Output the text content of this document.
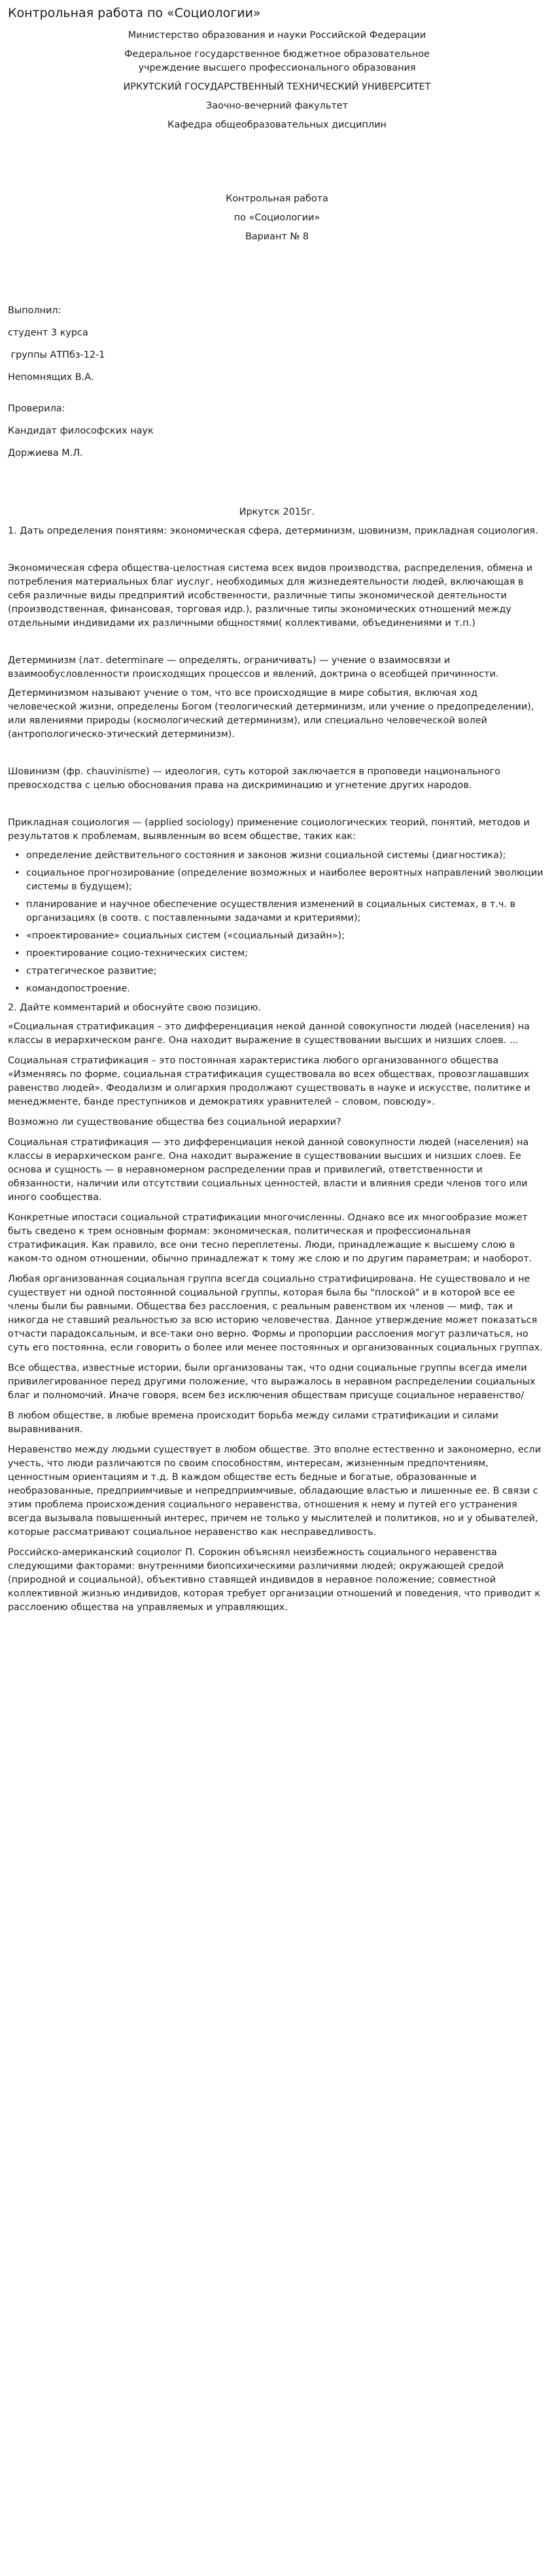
Контрольная работа по «Социологии»

Министерство образования и науки Российской Федерации

Федеральное государственное бюджетное образовательное учреждение высшего профессионального образования

ИРКУТСКИЙ ГОСУДАРСТВЕННЫЙ ТЕХНИЧЕСКИЙ УНИВЕРСИТЕТ

Заочно-вечерний факультет

Кафедра общеобразовательных дисциплин

Контрольная работа

по «Социологии»

Вариант № 8

Выполнил:

студент 3 курса

группы АТПбз-12-1

Непомнящих В.А.

Проверила:

Кандидат философских наук

Доржиева М.Л.

Иркутск 2015г.

1. Дать определения понятиям: экономическая сфера, детерминизм, шовинизм, прикладная социология.

Экономическая сфера общества-целостная система всех видов производства, распределения, обмена и потребления материальных благ иуслуг, необходимых для жизнедеятельности людей, включающая в себя различные виды предприятий исобственности, различные типы экономической деятельности (производственная, финансовая, торговая идр.), различные типы экономических отношений между отдельными индивидами их различными общностями( коллективами, объединениями и т.п.)

Детерминизм (лат. determinare — определять, ограничивать) — учение о взаимосвязи и взаимообусловленности происходящих процессов и явлений, доктрина о всеобщей причинности.

Детерминизмом называют учение о том, что все происходящие в мире события, включая ход человеческой жизни, определены Богом (теологический детерминизм, или учение о предопределении), или явлениями природы (космологический детерминизм), или специально человеческой волей (антропологическо-этический детерминизм).

Шовинизм (фр. chauvinisme) — идеология, суть которой заключается в проповеди национального превосходства с целью обоснования права на дискриминацию и угнетение других народов.

Прикладная социология — (applied sociology) применение социологических теорий, понятий, методов и результатов к проблемам, выявленным во всем обществе, таких как:

• определение действительного состояния и законов жизни социальной системы (диагностика);
• социальное прогнозирование (определение возможных и наиболее вероятных направлений эволюции системы в будущем);
• планирование и научное обеспечение осуществления изменений в социальных системах, в т.ч. в организациях (в соотв. с поставленными задачами и критериями);
• «проектирование» социальных систем («социальный дизайн»);
• проектирование социо-технических систем;
• стратегическое развитие;
• командопостроение.

2. Дайте комментарий и обоснуйте свою позицию.

«Социальная стратификация – это дифференциация некой данной совокупности людей (населения) на классы в иерархическом ранге. Она находит выражение в существовании высших и низших слоев. ...

Социальная стратификация – это постоянная характеристика любого организованного общества «Изменяясь по форме, социальная стратификация существовала во всех обществах, провозглашавших равенство людей». Феодализм и олигархия продолжают существовать в науке и искусстве, политике и менеджменте, банде преступников и демократиях уравнителей – словом, повсюду».

Возможно ли существование общества без социальной иерархии?

Социальная стратификация — это дифференциация некой данной совокупности людей (населения) на классы в иерархическом ранге. Она находит выражение в существовании высших и низших слоев. Ее основа и сущность — в неравномерном распределении прав и привилегий, ответственности и обязанности, наличии или отсутствии социальных ценностей, власти и влияния среди членов того или иного сообщества.

Конкретные ипостаси социальной стратификации многочисленны. Однако все их многообразие может быть сведено к трем основным формам: экономическая, политическая и профессиональная стратификация. Как правило, все они тесно переплетены. Люди, принадлежащие к высшему слою в каком-то одном отношении, обычно принадлежат к тому же слою и по другим параметрам; и наоборот.

Любая организованная социальная группа всегда социально стратифицирована. Не существовало и не существует ни одной постоянной социальной группы, которая была бы "плоской" и в которой все ее члены были бы равными. Общества без расслоения, с реальным равенством их членов — миф, так и никогда не ставший реальностью за всю историю человечества. Данное утверждение может показаться отчасти парадоксальным, и все-таки оно верно. Формы и пропорции расслоения могут различаться, но суть его постоянна, если говорить о более или менее постоянных и организованных социальных группах.

Все общества, известные истории, были организованы так, что одни социальные группы всегда имели привилегированное перед другими положение, что выражалось в неравном распределении социальных благ и полномочий. Иначе говоря, всем без исключения обществам присуще социальное неравенство/

В любом обществе, в любые времена происходит борьба между силами стратификации и силами выравнивания.

Неравенство между людьми существует в любом обществе. Это вполне естественно и закономерно, если учесть, что люди различаются по своим способностям, интересам, жизненным предпочтениям, ценностным ориентациям и т.д. В каждом обществе есть бедные и богатые, образованные и необразованные, предприимчивые и непредприимчивые, обладающие властью и лишенные ее. В связи с этим проблема происхождения социального неравенства, отношения к нему и путей его устранения всегда вызывала повышенный интерес, причем не только у мыслителей и политиков, но и у обывателей, которые рассматривают социальное неравенство как несправедливость.

Российско-американский социолог П. Сорокин объяснял неизбежность социального неравенства следующими факторами: внутренними биопсихическими различиями людей; окружающей средой (природной и социальной), объективно ставящей индивидов в неравное положение; совместной коллективной жизнью индивидов, которая требует организации отношений и поведения, что приводит к расслоению общества на управляемых и управляющих.
